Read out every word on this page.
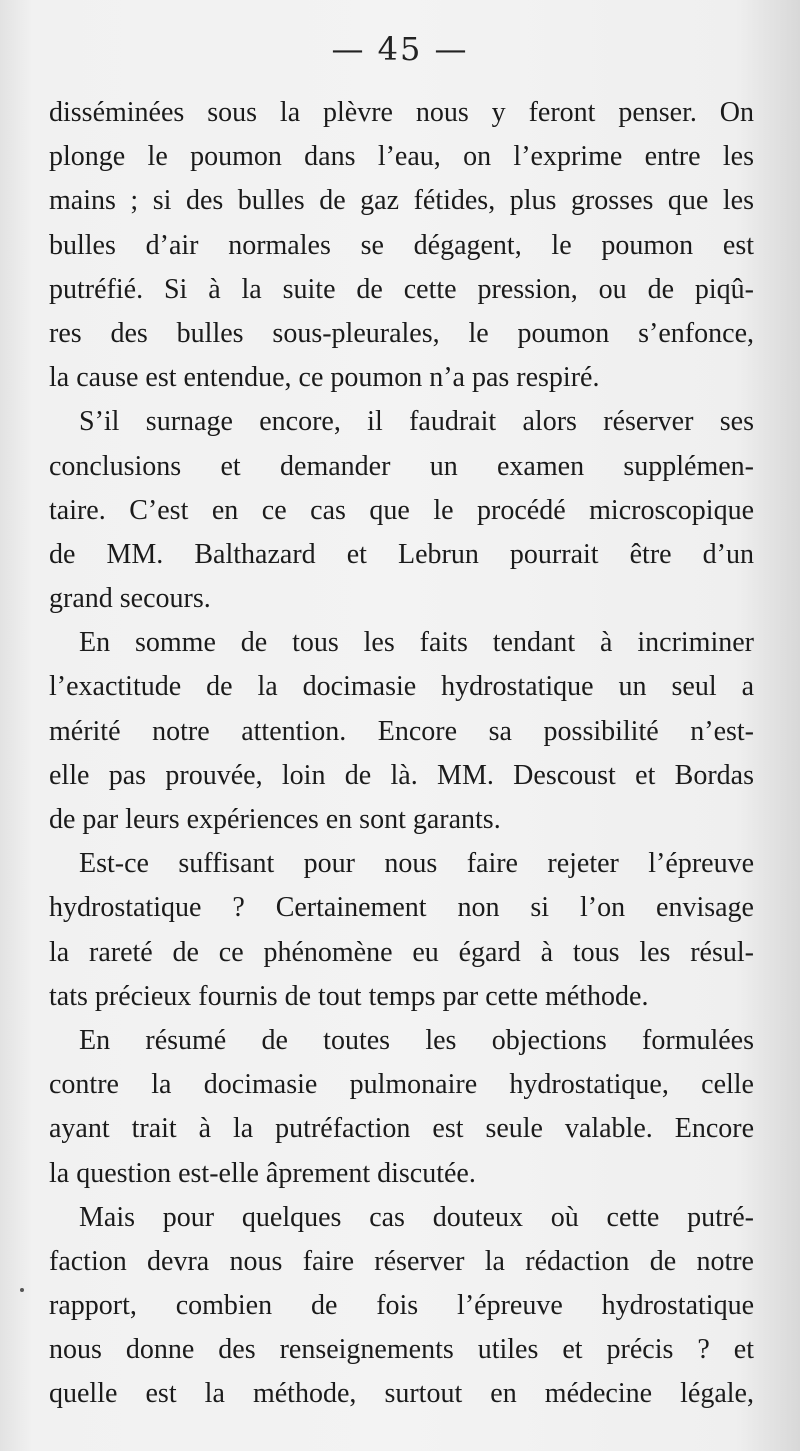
— 45 —
disséminées sous la plèvre nous y feront penser. On
plonge le poumon dans l’eau, on l’exprime entre les
mains ; si des bulles de gaz fétides, plus grosses que les
bulles d’air normales se dégagent, le poumon est
putréfié. Si à la suite de cette pression, ou de piqû-
res des bulles sous-pleurales, le poumon s’enfonce,
la cause est entendue, ce poumon n’a pas respiré.
S’il surnage encore, il faudrait alors réserver ses
conclusions et demander un examen supplémen-
taire. C’est en ce cas que le procédé microscopique
de MM. Balthazard et Lebrun pourrait être d’un
grand secours.
En somme de tous les faits tendant à incriminer
l’exactitude de la docimasie hydrostatique un seul a
mérité notre attention. Encore sa possibilité n’est-
elle pas prouvée, loin de là. MM. Descoust et Bordas
de par leurs expériences en sont garants.
Est-ce suffisant pour nous faire rejeter l’épreuve
hydrostatique ? Certainement non si l’on envisage
la rareté de ce phénomène eu égard à tous les résul-
tats précieux fournis de tout temps par cette méthode.
En résumé de toutes les objections formulées
contre la docimasie pulmonaire hydrostatique, celle
ayant trait à la putréfaction est seule valable. Encore
la question est-elle âprement discutée.
Mais pour quelques cas douteux où cette putré-
faction devra nous faire réserver la rédaction de notre
rapport, combien de fois l’épreuve hydrostatique
nous donne des renseignements utiles et précis ? et
quelle est la méthode, surtout en médecine légale,
